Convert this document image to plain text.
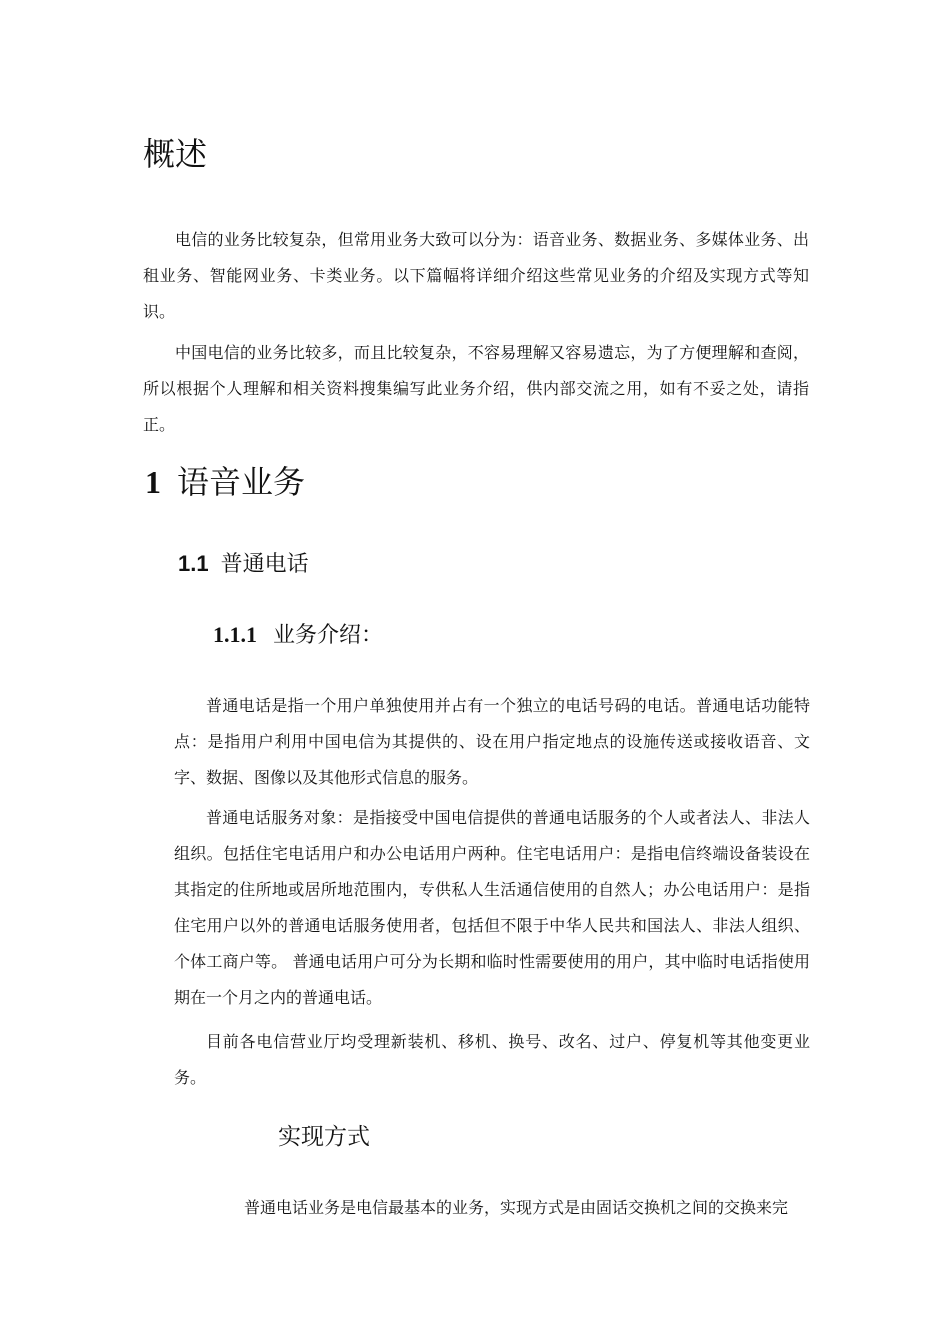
概述

电信的业务比较复杂，但常用业务大致可以分为：语音业务、数据业务、多媒体业务、出租业务、智能网业务、卡类业务。以下篇幅将详细介绍这些常见业务的介绍及实现方式等知识。

中国电信的业务比较多，而且比较复杂，不容易理解又容易遗忘，为了方便理解和查阅，所以根据个人理解和相关资料搜集编写此业务介绍，供内部交流之用，如有不妥之处，请指正。

1 语音业务
1.1 普通电话
1.1.1 业务介绍：

普通电话是指一个用户单独使用并占有一个独立的电话号码的电话。普通电话功能特点：是指用户利用中国电信为其提供的、设在用户指定地点的设施传送或接收语音、文字、数据、图像以及其他形式信息的服务。

普通电话服务对象：是指接受中国电信提供的普通电话服务的个人或者法人、非法人组织。包括住宅电话用户和办公电话用户两种。住宅电话用户：是指电信终端设备装设在其指定的住所地或居所地范围内，专供私人生活通信使用的自然人；办公电话用户：是指住宅用户以外的普通电话服务使用者，包括但不限于中华人民共和国法人、非法人组织、个体工商户等。 普通电话用户可分为长期和临时性需要使用的用户，其中临时电话指使用期在一个月之内的普通电话。

目前各电信营业厅均受理新装机、移机、换号、改名、过户、停复机等其他变更业务。

实现方式

普通电话业务是电信最基本的业务，实现方式是由固话交换机之间的交换来完
